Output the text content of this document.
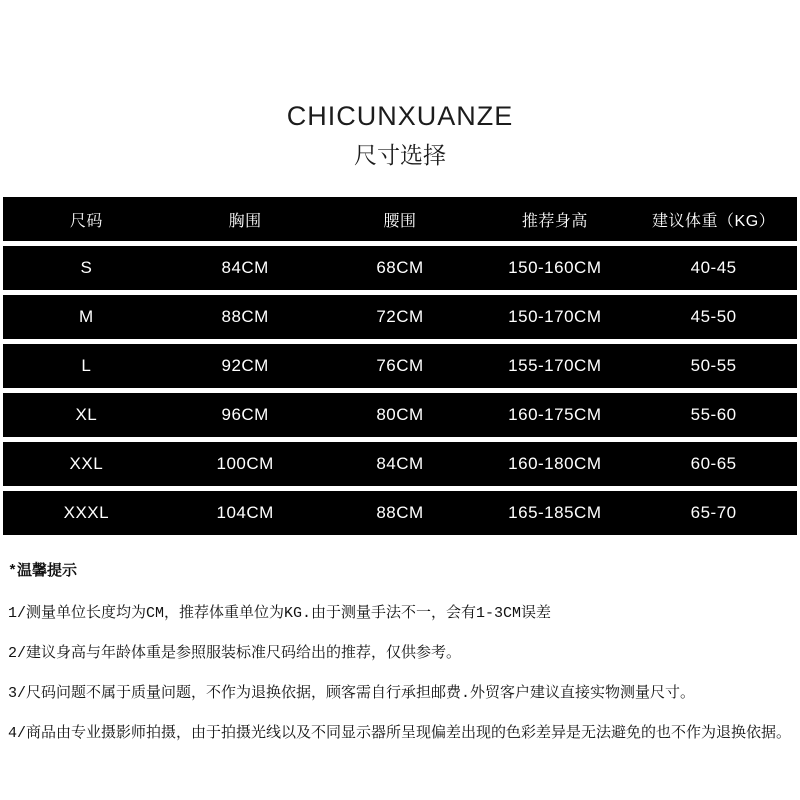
CHICUNXUANZE
尺寸选择
尺码	胸围	腰围	推荐身高	建议体重（KG）
S	84CM	68CM	150-160CM	40-45
M	88CM	72CM	150-170CM	45-50
L	92CM	76CM	155-170CM	50-55
XL	96CM	80CM	160-175CM	55-60
XXL	100CM	84CM	160-180CM	60-65
XXXL	104CM	88CM	165-185CM	65-70
*温馨提示
1/测量单位长度均为CM，推荐体重单位为KG.由于测量手法不一，会有1-3CM误差
2/建议身高与年龄体重是参照服装标准尺码给出的推荐，仅供参考。
3/尺码问题不属于质量问题，不作为退换依据，顾客需自行承担邮费.外贸客户建议直接实物测量尺寸。
4/商品由专业摄影师拍摄，由于拍摄光线以及不同显示器所呈现偏差出现的色彩差异是无法避免的也不作为退换依据。
